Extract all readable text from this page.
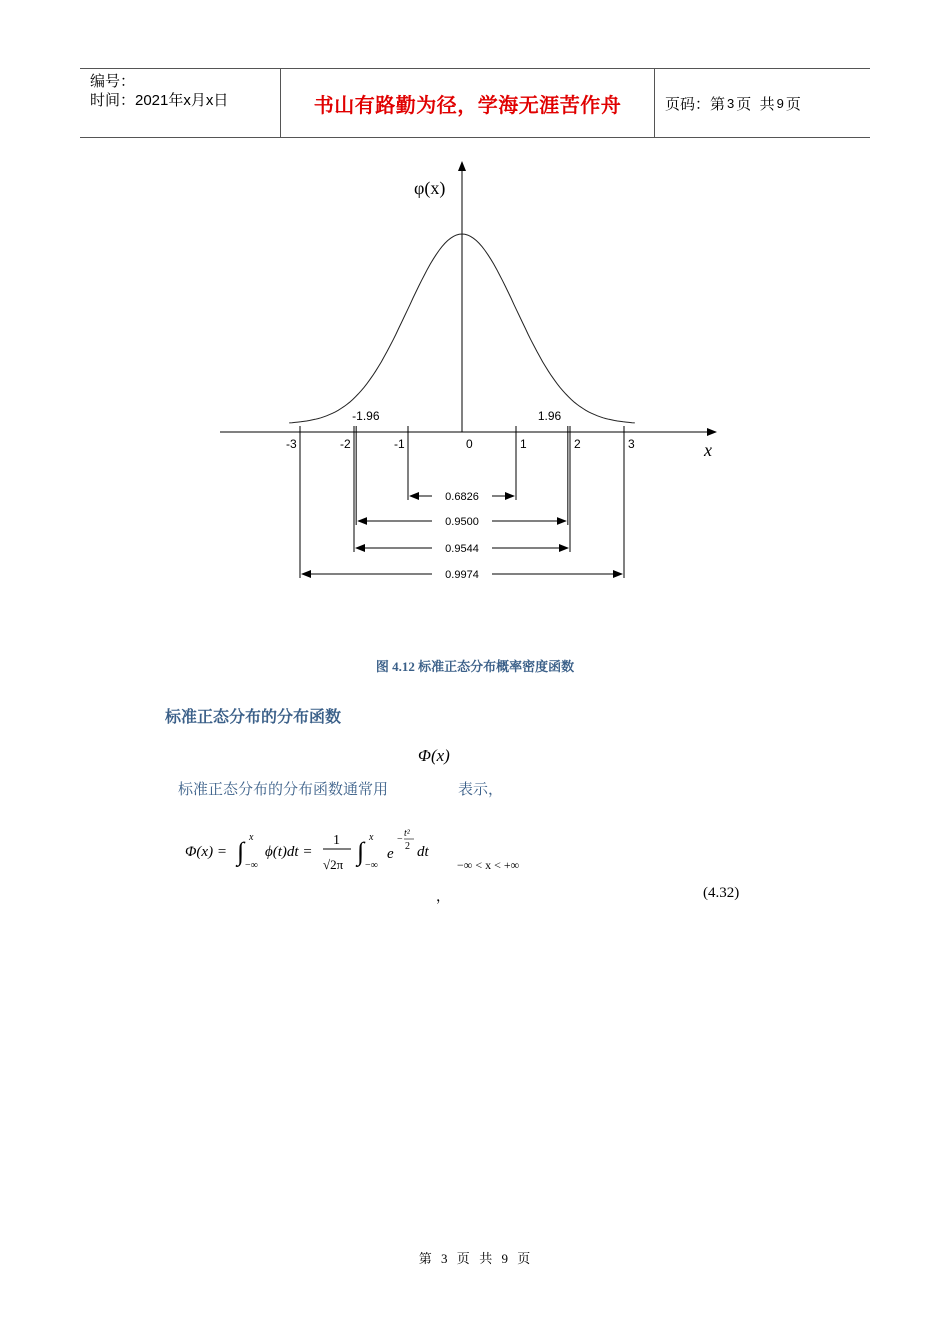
编号：
时间：2021年x月x日	书山有路勤为径，学海无涯苦作舟	页码：第 3 页  共 9 页
φ(x)
x
-3	-2	-1	0	1	2	3
-1.96	1.96
0.6826
0.9500
0.9544
0.9974
图 4.12 标准正态分布概率密度函数
标准正态分布的分布函数
Φ(x)
标准正态分布的分布函数通常用	表示，
Φ(x) = ∫ x
−∞
ϕ(t)dt =
1
√2π ∫ x
−∞
e
−
t²
2 dt
−∞ < x < +∞
，	(4.32)
第 3 页  共 9 页
